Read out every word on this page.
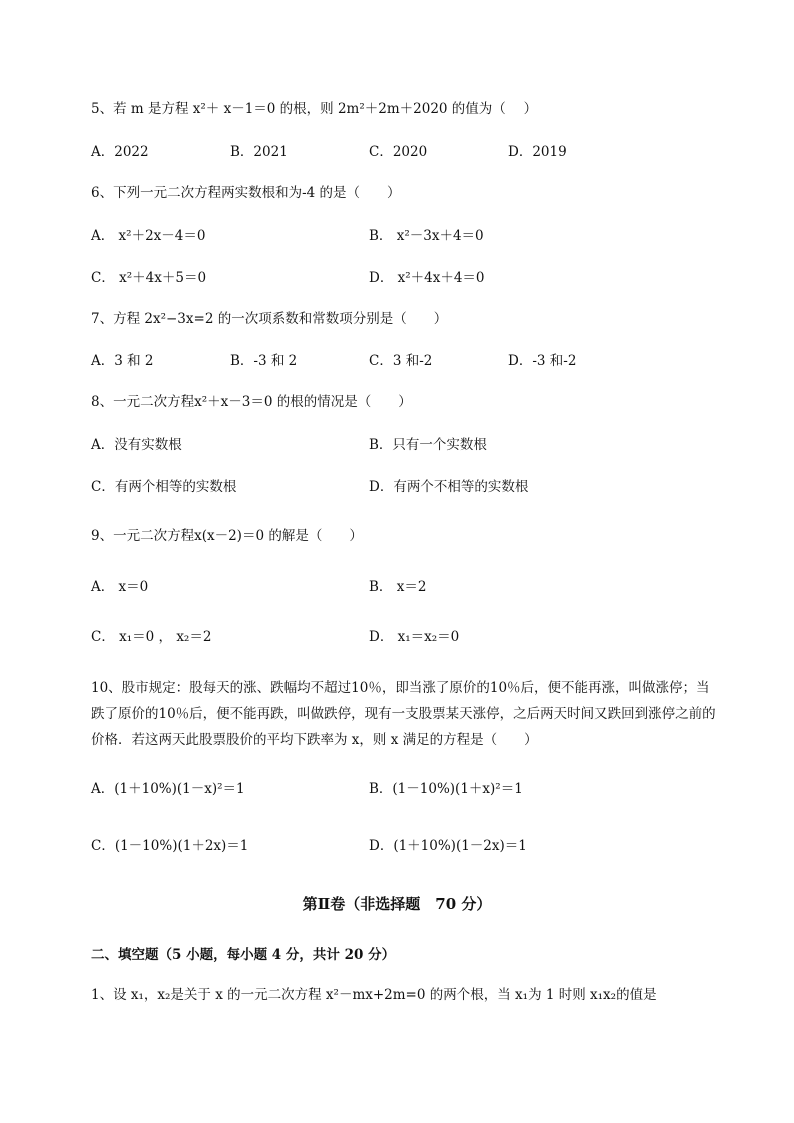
5、若 m 是方程 x²＋ x－1＝0 的根，则 2m²＋2m＋2020 的值为（　 ）
A．2022	B．2021	C．2020	D．2019
6、下列一元二次方程两实数根和为-4 的是（　　）
A． x²＋2x－4＝0	B． x²－3x＋4＝0
C． x²＋4x＋5＝0	D． x²＋4x＋4＝0
7、方程 2x²−3x=2 的一次项系数和常数项分别是（　　）
A．3 和 2	B．-3 和 2	C．3 和-2	D．-3 和-2
8、一元二次方程x²＋x－3＝0 的根的情况是（　　）
A．没有实数根	B．只有一个实数根
C．有两个相等的实数根	D．有两个不相等的实数根
9、一元二次方程x(x－2)＝0 的解是（　　）
A． x＝0	B． x＝2
C． x₁＝0 ， x₂＝2	D． x₁＝x₂＝0
10、股市规定：股每天的涨、跌幅均不超过10％，即当涨了原价的10％后，便不能再涨，叫做涨停；当跌了原价的10％后，便不能再跌，叫做跌停，现有一支股票某天涨停，之后两天时间又跌回到涨停之前的价格．若这两天此股票股价的平均下跌率为 x，则 x 满足的方程是（　　）
A．(1＋10%)(1－x)²＝1	B．(1－10%)(1＋x)²＝1
C．(1－10%)(1＋2x)＝1	D．(1＋10%)(1－2x)＝1
第Ⅱ卷（非选择题　70 分）
二、填空题（5 小题，每小题 4 分，共计 20 分）
1、设 x₁，x₂是关于 x 的一元二次方程 x²－mx+2m=0 的两个根，当 x₁为 1 时则 x₁x₂的值是
